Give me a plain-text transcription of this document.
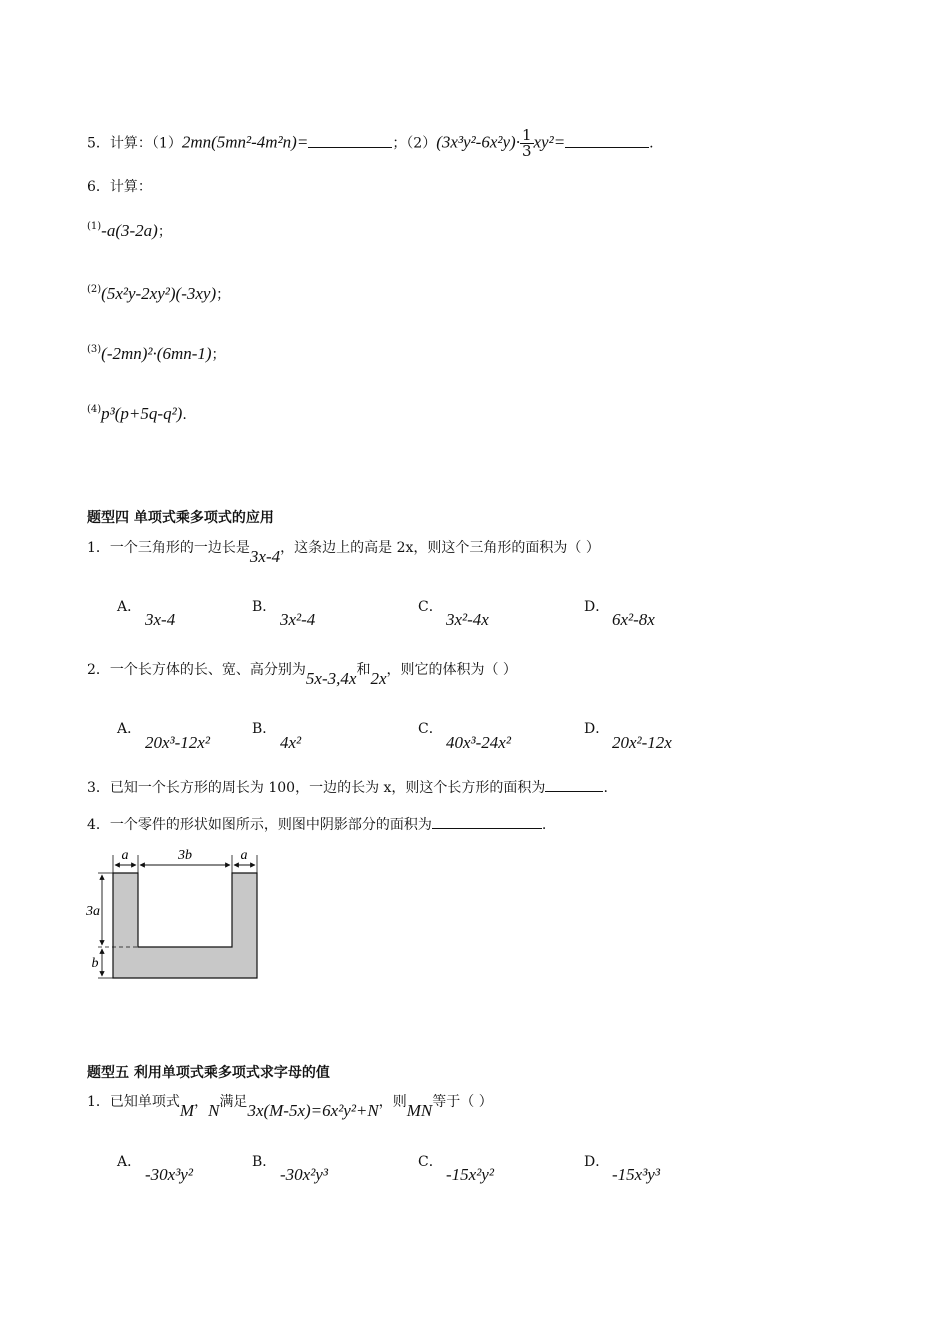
5．计算：（1）2mn(5mn²-4m²n)=	；$(2)(3x^3y^2-6x^2y)\cdot \frac{1}{3} xy^2=$	.
6．计算：
$^{(1)}$-a(3-2a)；
$^{(2)}$(5x²y-2xy²)(-3xy)；
$^{(3)}$(-2mn)²·(6mn-1)；
$^{(4)}$p³(p+5q-q²).
题型四 单项式乘多项式的应用
1．一个三角形的一边长是3x-4，这条边上的高是 2x，则这个三角形的面积为（ ）
A．
3x-4
B．
3x²-4
C．
3x²-4x
D．
6x²-8x
2．一个长方体的长、宽、高分别为5x-3,4x和2x，则它的体积为（ ）
A．
20x³-12x²
B．
4x²
C．
40x³-24x²
D．
20x²-12x
3．已知一个长方形的周长为 100，一边的长为 x，则这个长方形的面积为	.
4．一个零件的形状如图所示，则图中阴影部分的面积为	.
a	3b	a
3a
b
题型五 利用单项式乘多项式求字母的值
1．已知单项式M，N满足3x(M-5x)=6x²y²+N，则MN等于（ ）
A．
-30x³y²
B．
-30x²y³
C．
-15x²y²
D．
-15x³y³
